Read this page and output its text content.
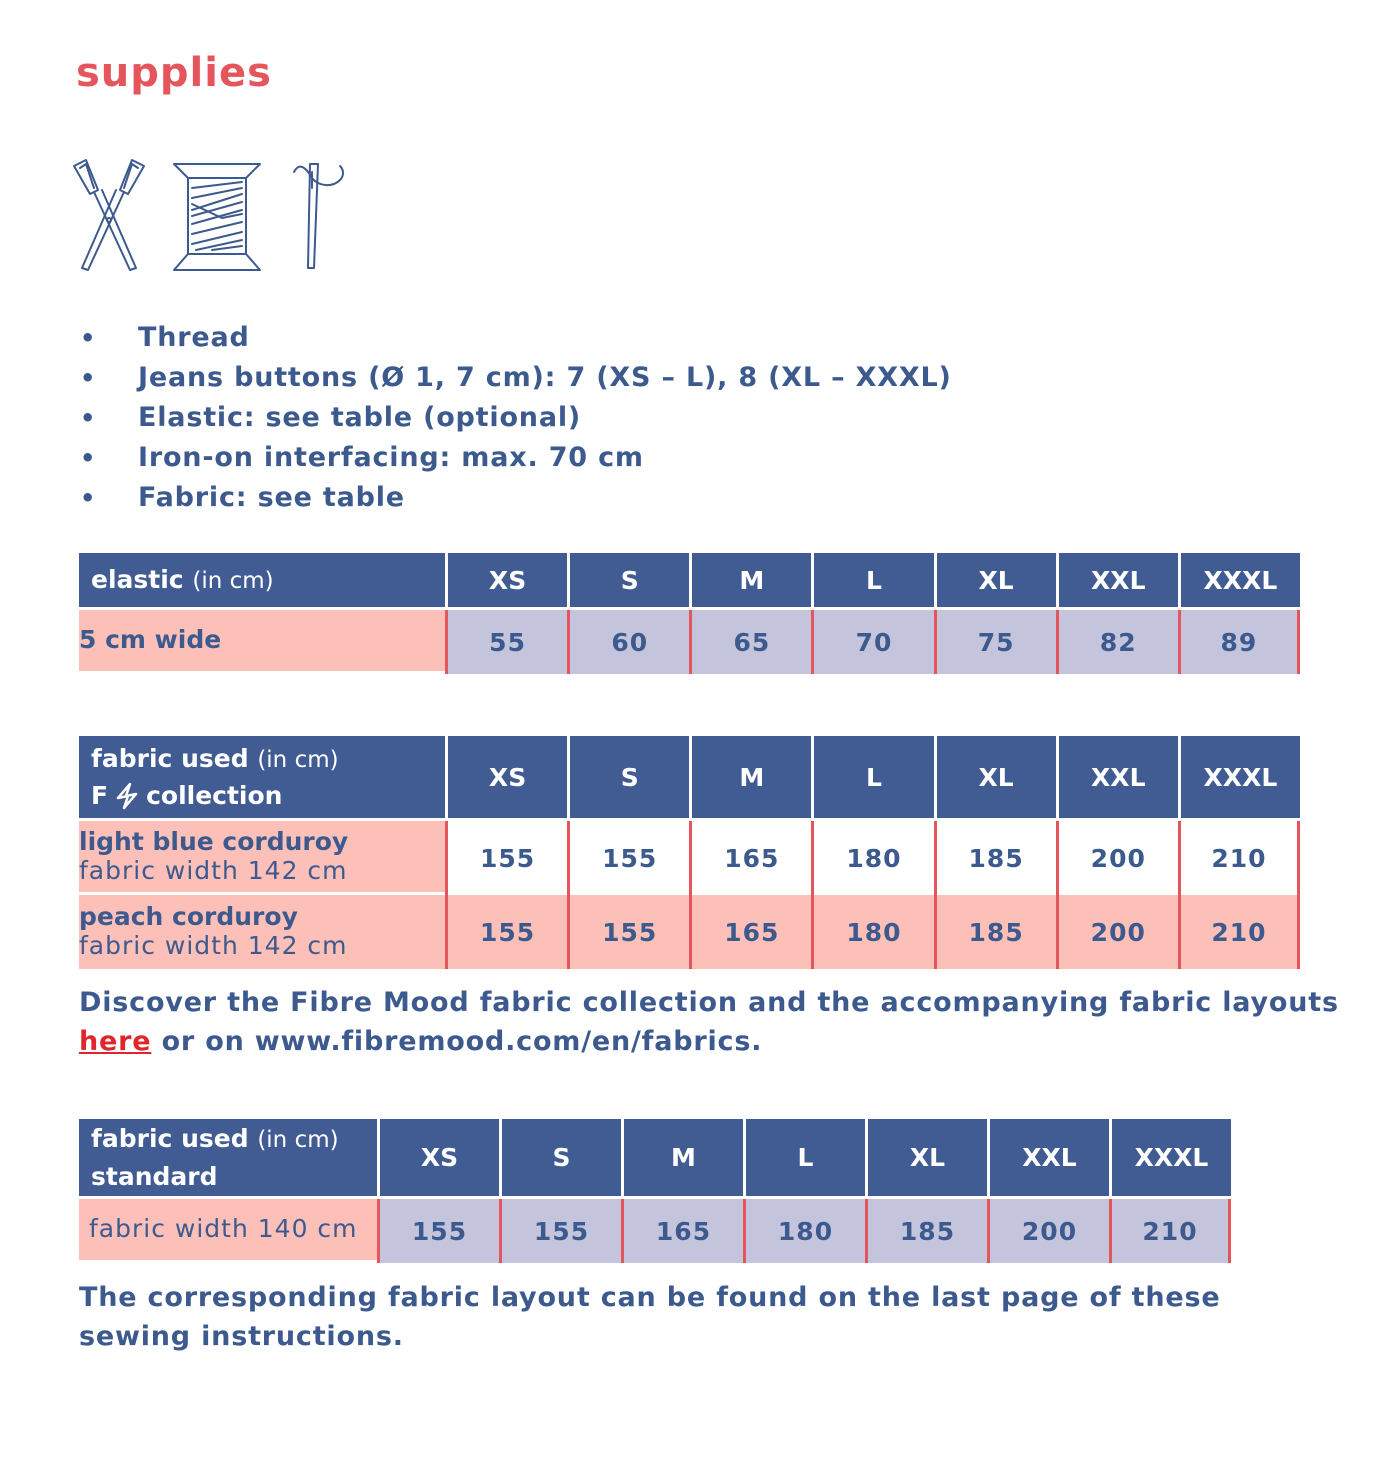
supplies
• Thread
• Jeans buttons (Ø 1, 7 cm): 7 (XS – L), 8 (XL – XXXL)
• Elastic: see table (optional)
• Iron-on interfacing: max. 70 cm
• Fabric: see table
elastic (in cm)	XS	S	M	L	XL	XXL	XXXL

5 cm wide	55	60	65	70	75	82	89
fabric used (in cm)
F collection	XS	S	M	L	XL	XXL	XXXL

light blue corduroy
fabric width 142 cm	155	155	165	180	185	200	210

peach corduroy
fabric width 142 cm	155	155	165	180	185	200	210

Discover the Fibre Mood fabric collection and the accompanying fabric layouts
here or on www.fibremood.com/en/fabrics.

fabric used (in cm)
standard	XS	S	M	L	XL	XXL	XXXL

fabric width 140 cm	155	155	165	180	185	200	210

The corresponding fabric layout can be found on the last page of these
sewing instructions.
